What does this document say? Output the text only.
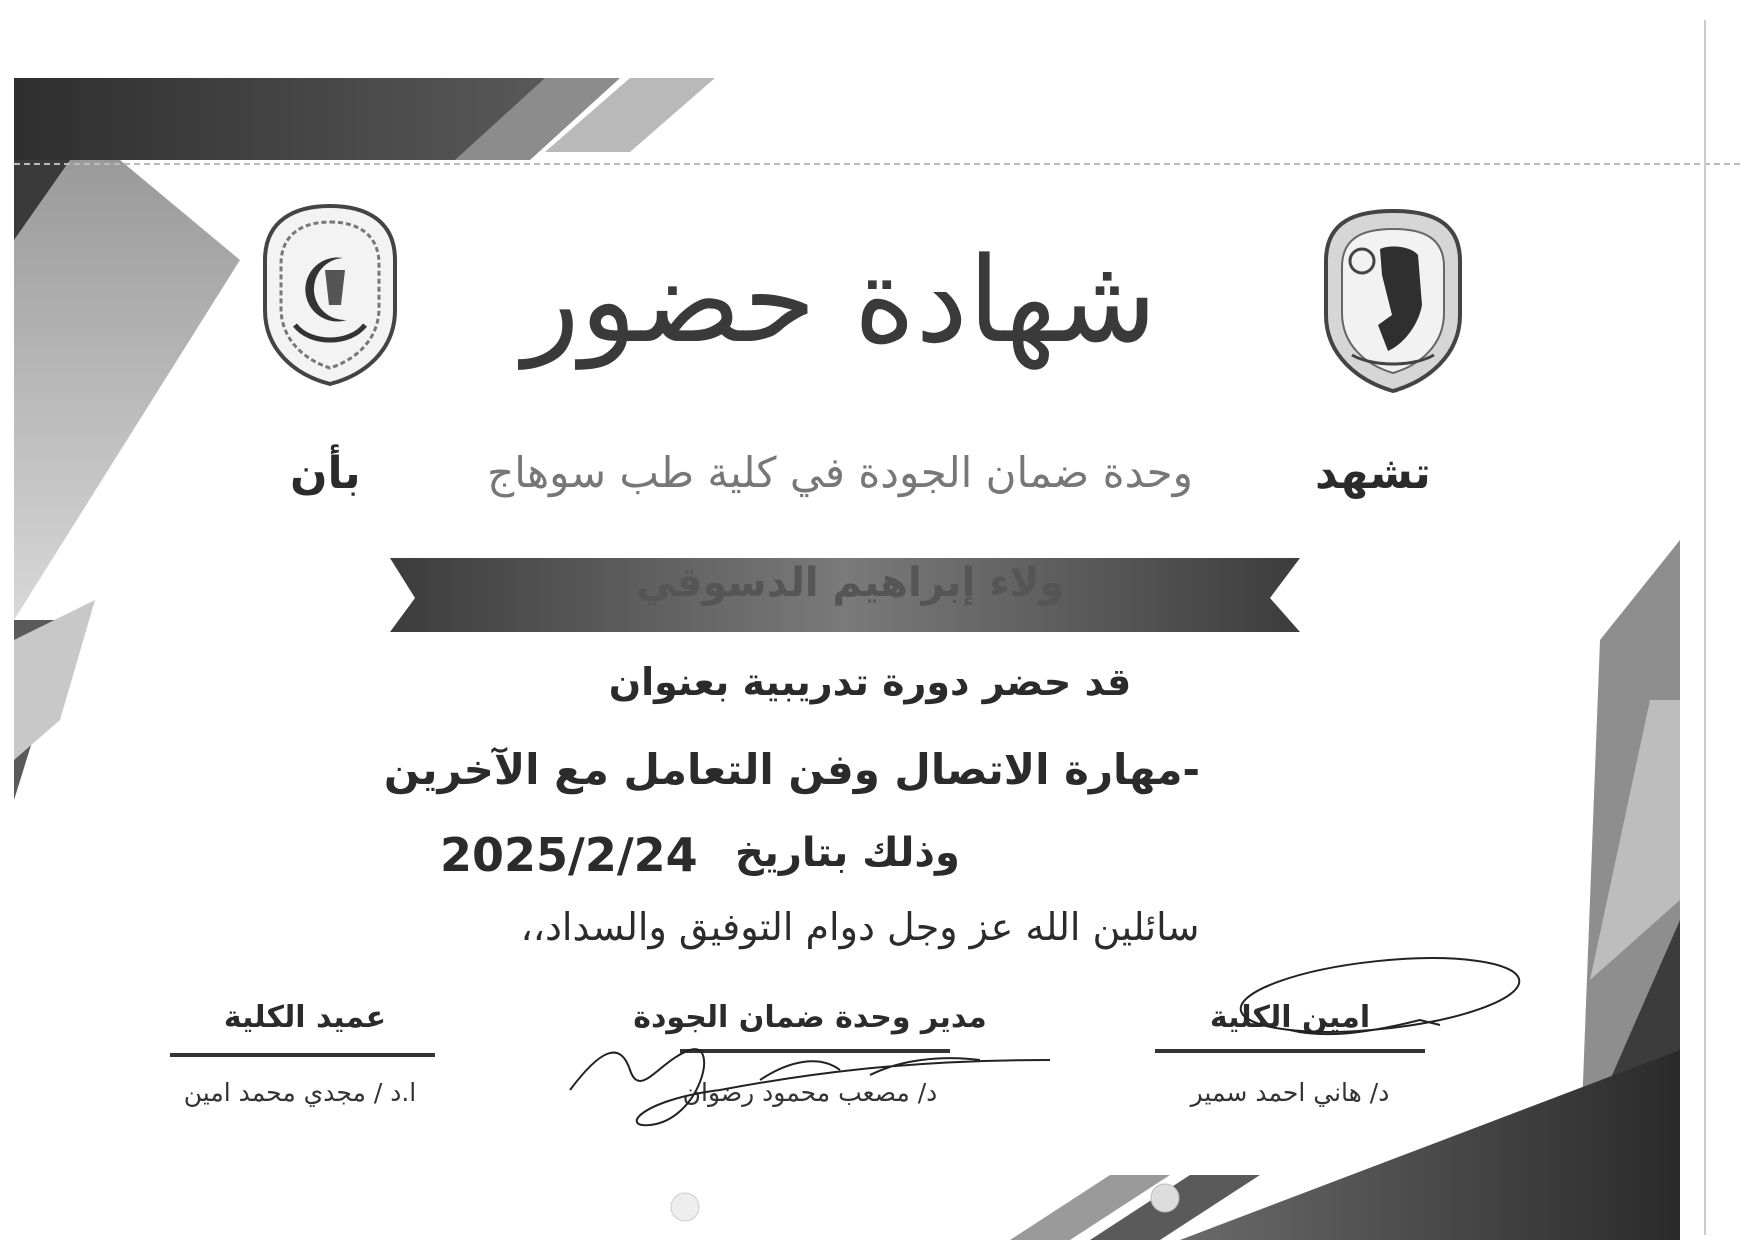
شهادة حضور
تشهد
وحدة ضمان الجودة في كلية طب سوهاج
بأن
ولاء إبراهيم الدسوقي
قد حضر دورة تدريبية بعنوان
-مهارة الاتصال وفن التعامل مع الآخرين
وذلك بتاريخ
2025/2/24
سائلين الله عز وجل دوام التوفيق والسداد،،
امين الكلية
د/ هاني احمد سمير
مدير وحدة ضمان الجودة
د/ مصعب محمود رضوان
عميد الكلية
ا.د / مجدي محمد امين
